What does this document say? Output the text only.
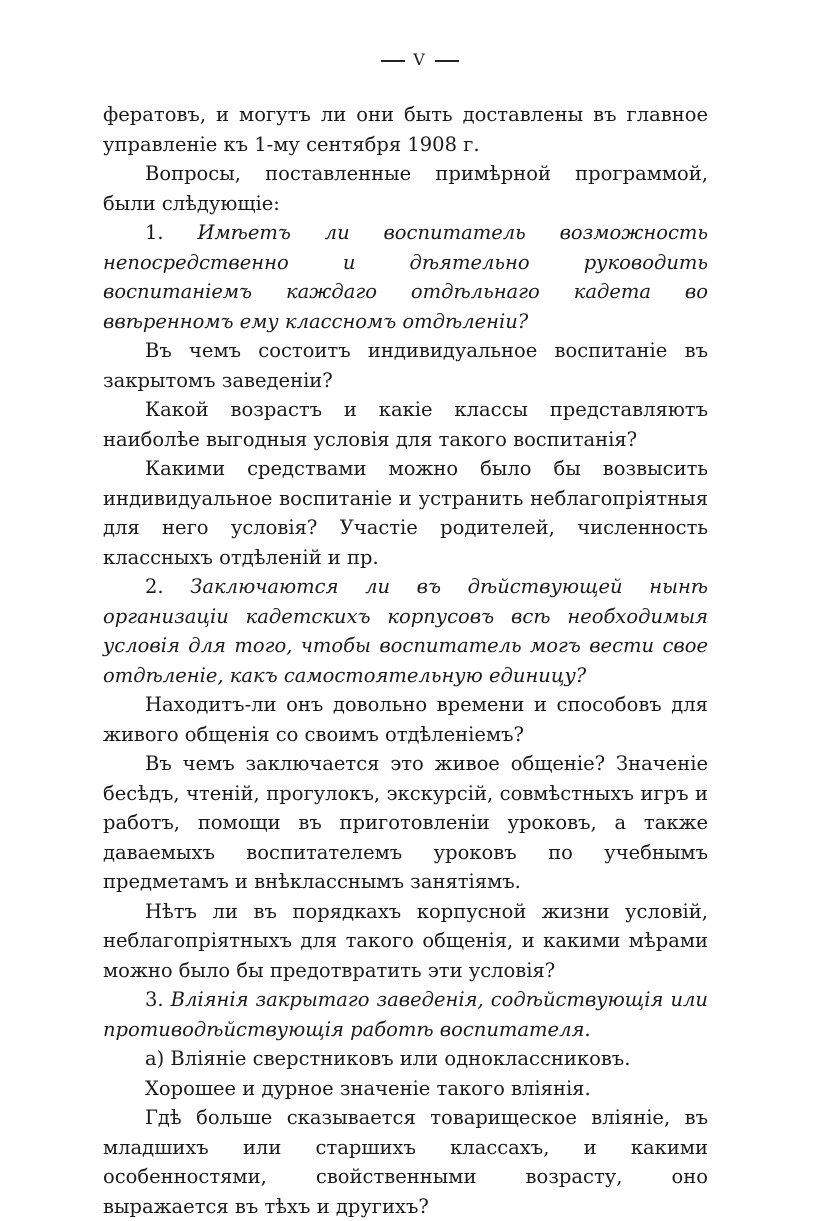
V

фератовъ, и могутъ ли они быть доставлены въ главное управленіе къ 1-му сентября 1908 г.

Вопросы, поставленные примѣрной программой, были слѣдующіе:

1. Имѣетъ ли воспитатель возможность непосредственно и дѣятельно руководить воспитаніемъ каждаго отдѣльнаго кадета во ввѣренномъ ему классномъ отдѣленіи?

Въ чемъ состоитъ индивидуальное воспитаніе въ закрытомъ заведеніи?

Какой возрастъ и какіе классы представляютъ наиболѣе выгодныя условія для такого воспитанія?

Какими средствами можно было бы возвысить индивидуальное воспитаніе и устранить неблагопріятныя для него условія? Участіе родителей, численность классныхъ отдѣленій и пр.

2. Заключаются ли въ дѣйствующей нынѣ организаціи кадетскихъ корпусовъ всѣ необходимыя условія для того, чтобы воспитатель могъ вести свое отдѣленіе, какъ самостоятельную единицу?

Находитъ-ли онъ довольно времени и способовъ для живого общенія со своимъ отдѣленіемъ?

Въ чемъ заключается это живое общеніе? Значеніе бесѣдъ, чтеній, прогулокъ, экскурсій, совмѣстныхъ игръ и работъ, помощи въ приготовленіи уроковъ, а также даваемыхъ воспитателемъ уроковъ по учебнымъ предметамъ и внѣкласснымъ занятіямъ.

Нѣтъ ли въ порядкахъ корпусной жизни условій, неблагопріятныхъ для такого общенія, и какими мѣрами можно было бы предотвратить эти условія?

3. Вліянія закрытаго заведенія, содѣйствующія или противодѣйствующія работѣ воспитателя.

а) Вліяніе сверстниковъ или одноклассниковъ.

Хорошее и дурное значеніе такого вліянія.

Гдѣ больше сказывается товарищеское вліяніе, въ младшихъ или старшихъ классахъ, и какими особенностями, свойственными возрасту, оно выражается въ тѣхъ и другихъ?
